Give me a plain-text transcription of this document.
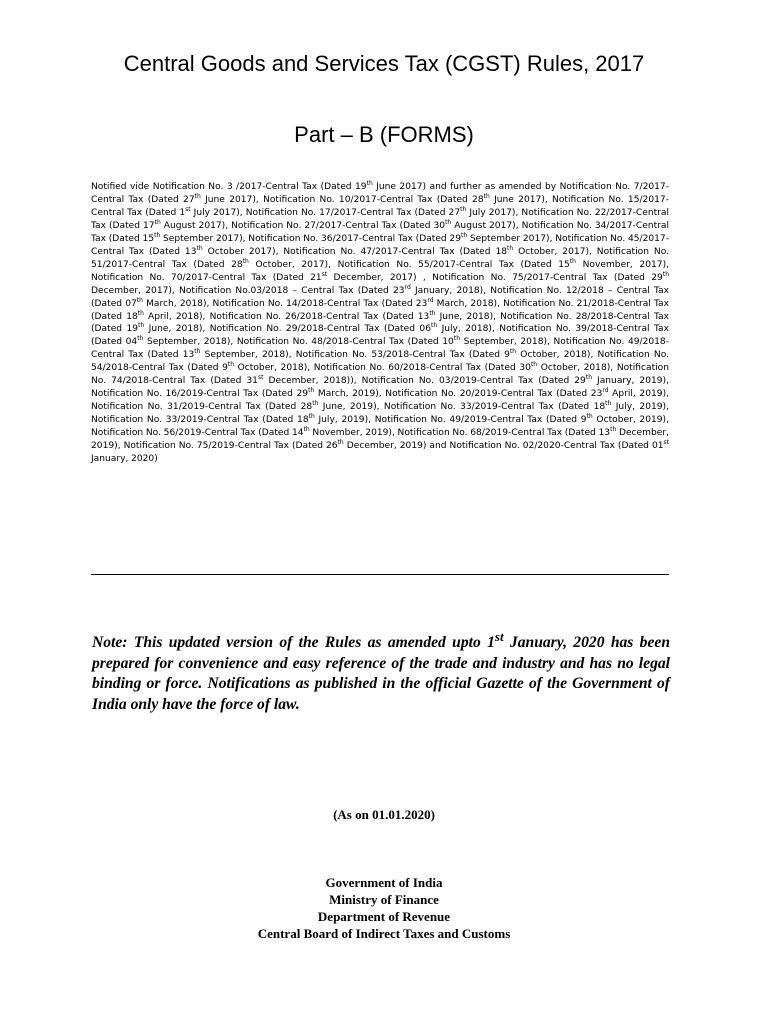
Central Goods and Services Tax (CGST) Rules, 2017
Part – B (FORMS)

Notified vide Notification No. 3 /2017-Central Tax (Dated 19th June 2017) and further as amended by Notification No. 7/2017-Central Tax (Dated 27th June 2017), Notification No. 10/2017-Central Tax (Dated 28th June 2017), Notification No. 15/2017-Central Tax (Dated 1st July 2017), Notification No. 17/2017-Central Tax (Dated 27th July 2017), Notification No. 22/2017-Central Tax (Dated 17th August 2017), Notification No. 27/2017-Central Tax (Dated 30th August 2017), Notification No. 34/2017-Central Tax (Dated 15th September 2017), Notification No. 36/2017-Central Tax (Dated 29th September 2017), Notification No. 45/2017-Central Tax (Dated 13th October 2017), Notification No. 47/2017-Central Tax (Dated 18th October, 2017), Notification No. 51/2017-Central Tax (Dated 28th October, 2017), Notification No. 55/2017-Central Tax (Dated 15th November, 2017), Notification No. 70/2017-Central Tax (Dated 21st December, 2017) , Notification No. 75/2017-Central Tax (Dated 29th December, 2017), Notification No.03/2018 – Central Tax (Dated 23rd January, 2018), Notification No. 12/2018 – Central Tax (Dated 07th March, 2018), Notification No. 14/2018-Central Tax (Dated 23rd March, 2018), Notification No. 21/2018-Central Tax (Dated 18th April, 2018), Notification No. 26/2018-Central Tax (Dated 13th June, 2018), Notification No. 28/2018-Central Tax (Dated 19th June, 2018), Notification No. 29/2018-Central Tax (Dated 06th July, 2018), Notification No. 39/2018-Central Tax (Dated 04th September, 2018), Notification No. 48/2018-Central Tax (Dated 10th September, 2018), Notification No. 49/2018-Central Tax (Dated 13th September, 2018), Notification No. 53/2018-Central Tax (Dated 9th October, 2018), Notification No. 54/2018-Central Tax (Dated 9th October, 2018), Notification No. 60/2018-Central Tax (Dated 30th October, 2018), Notification No. 74/2018-Central Tax (Dated 31st December, 2018)), Notification No. 03/2019-Central Tax (Dated 29th January, 2019), Notification No. 16/2019-Central Tax (Dated 29th March, 2019), Notification No. 20/2019-Central Tax (Dated 23rd April, 2019), Notification No. 31/2019-Central Tax (Dated 28th June, 2019), Notification No. 33/2019-Central Tax (Dated 18th July, 2019), Notification No. 33/2019-Central Tax (Dated 18th July, 2019), Notification No. 49/2019-Central Tax (Dated 9th October, 2019), Notification No. 56/2019-Central Tax (Dated 14th November, 2019), Notification No. 68/2019-Central Tax (Dated 13th December, 2019), Notification No. 75/2019-Central Tax (Dated 26th December, 2019) and Notification No. 02/2020-Central Tax (Dated 01st January, 2020)

Note: This updated version of the Rules as amended upto 1st January, 2020 has been prepared for convenience and easy reference of the trade and industry and has no legal binding or force. Notifications as published in the official Gazette of the Government of India only have the force of law.

(As on 01.01.2020)

Government of India
Ministry of Finance
Department of Revenue
Central Board of Indirect Taxes and Customs
